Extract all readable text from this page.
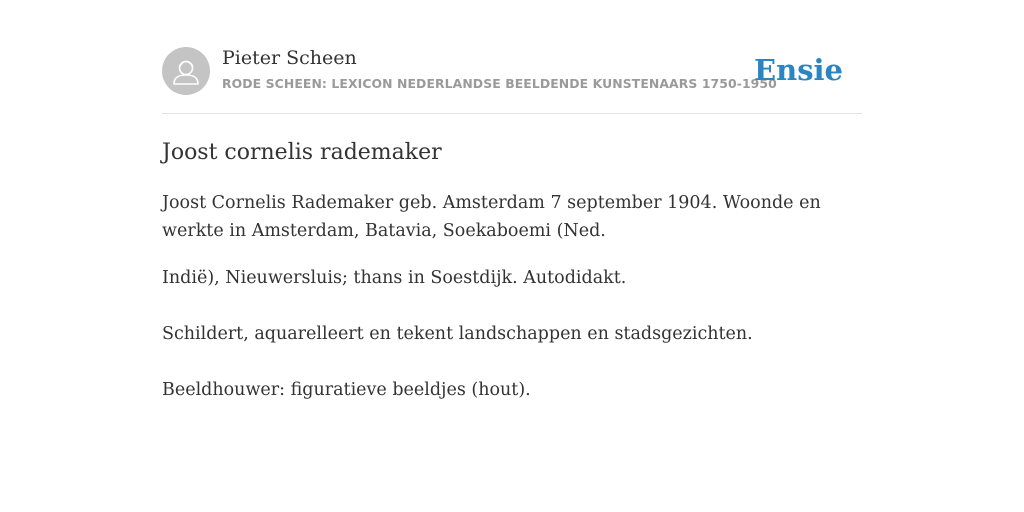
Pieter Scheen
RODE SCHEEN: LEXICON NEDERLANDSE BEELDENDE KUNSTENAARS 1750-1950
Ensie
Joost cornelis rademaker

Joost Cornelis Rademaker geb. Amsterdam 7 september 1904. Woonde en werkte in Amsterdam, Batavia, Soekaboemi (Ned.

Indië), Nieuwersluis; thans in Soestdijk. Autodidakt.

Schildert, aquarelleert en tekent landschappen en stadsgezichten.

Beeldhouwer: figuratieve beeldjes (hout).
